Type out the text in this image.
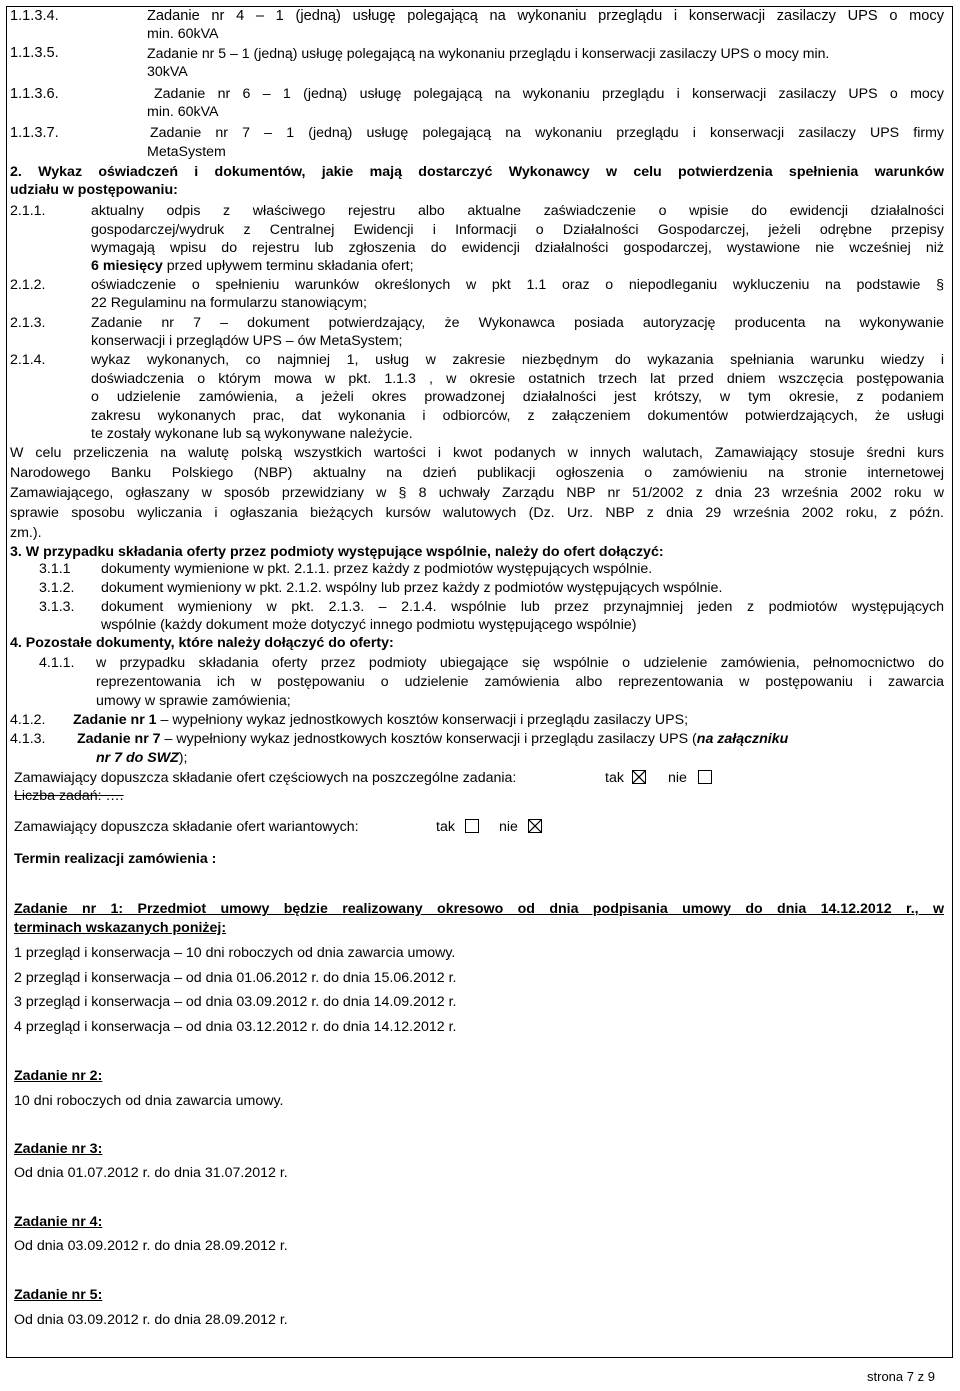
1.1.3.4.	Zadanie nr 4 – 1 (jedną) usługę polegającą na wykonaniu przeglądu i konserwacji zasilaczy UPS o mocy
min. 60kVA
1.1.3.5.	Zadanie nr 5 – 1 (jedną) usługę polegającą na wykonaniu przeglądu i konserwacji zasilaczy UPS o mocy min.
30kVA
1.1.3.6.	Zadanie nr 6 – 1 (jedną) usługę polegającą na wykonaniu przeglądu i konserwacji zasilaczy UPS o mocy
min. 60kVA
1.1.3.7.	Zadanie nr 7 – 1 (jedną) usługę polegającą na wykonaniu przeglądu i konserwacji zasilaczy UPS firmy
MetaSystem
2. Wykaz oświadczeń i dokumentów, jakie mają dostarczyć Wykonawcy w celu potwierdzenia spełnienia warunków
udziału w postępowaniu:
2.1.1.	aktualny odpis z właściwego rejestru albo aktualne zaświadczenie o wpisie do ewidencji działalności
gospodarczej/wydruk z Centralnej Ewidencji i Informacji o Działalności Gospodarczej, jeżeli odrębne przepisy
wymagają wpisu do rejestru lub zgłoszenia do ewidencji działalności gospodarczej, wystawione nie wcześniej niż
6 miesięcy przed upływem terminu składania ofert;
2.1.2.	oświadczenie o spełnieniu warunków określonych w pkt 1.1 oraz o niepodleganiu wykluczeniu na podstawie §
22 Regulaminu na formularzu stanowiącym;
2.1.3.	Zadanie nr 7 – dokument potwierdzający, że Wykonawca posiada autoryzację producenta na wykonywanie
konserwacji i przeglądów UPS – ów MetaSystem;
2.1.4.	wykaz wykonanych, co najmniej 1, usług w zakresie niezbędnym do wykazania spełniania warunku wiedzy i
doświadczenia o którym mowa w pkt. 1.1.3 , w okresie ostatnich trzech lat przed dniem wszczęcia postępowania
o udzielenie zamówienia, a jeżeli okres prowadzonej działalności jest krótszy, w tym okresie, z podaniem
zakresu wykonanych prac, dat wykonania i odbiorców, z załączeniem dokumentów potwierdzających, że usługi
te zostały wykonane lub są wykonywane należycie.
W celu przeliczenia na walutę polską wszystkich wartości i kwot podanych w innych walutach, Zamawiający stosuje średni kurs
Narodowego Banku Polskiego (NBP) aktualny na dzień publikacji ogłoszenia o zamówieniu na stronie internetowej
Zamawiającego, ogłaszany w sposób przewidziany w § 8 uchwały Zarządu NBP nr 51/2002 z dnia 23 września 2002 roku w
sprawie sposobu wyliczania i ogłaszania bieżących kursów walutowych (Dz. Urz. NBP z dnia 29 września 2002 roku, z późn.
zm.).
3. W przypadku składania oferty przez podmioty występujące wspólnie, należy do ofert dołączyć:
3.1.1 dokumenty wymienione w pkt. 2.1.1. przez każdy z podmiotów występujących wspólnie.
3.1.2. dokument wymieniony w pkt. 2.1.2. wspólny lub przez każdy z podmiotów występujących wspólnie.
3.1.3. dokument wymieniony w pkt. 2.1.3. – 2.1.4. wspólnie lub przez przynajmniej jeden z podmiotów występujących
wspólnie (każdy dokument może dotyczyć innego podmiotu występującego wspólnie)
4. Pozostałe dokumenty, które należy dołączyć do oferty:
4.1.1. w przypadku składania oferty przez podmioty ubiegające się wspólnie o udzielenie zamówienia, pełnomocnictwo do
reprezentowania ich w postępowaniu o udzielenie zamówienia albo reprezentowania w postępowaniu i zawarcia
umowy w sprawie zamówienia;
4.1.2. Zadanie nr 1 – wypełniony wykaz jednostkowych kosztów konserwacji i przeglądu zasilaczy UPS;
4.1.3. Zadanie nr 7 – wypełniony wykaz jednostkowych kosztów konserwacji i przeglądu zasilaczy UPS (na załączniku
nr 7 do SWZ);
Zamawiający dopuszcza składanie ofert częściowych na poszczególne zadania:	tak	nie
Liczba zadań: ….
Zamawiający dopuszcza składanie ofert wariantowych:	tak	nie
Termin realizacji zamówienia :
Zadanie nr 1: Przedmiot umowy będzie realizowany okresowo od dnia podpisania umowy do dnia 14.12.2012 r., w
terminach wskazanych poniżej:
1 przegląd i konserwacja – 10 dni roboczych od dnia zawarcia umowy.
2 przegląd i konserwacja – od dnia 01.06.2012 r. do dnia 15.06.2012 r.
3 przegląd i konserwacja – od dnia 03.09.2012 r. do dnia 14.09.2012 r.
4 przegląd i konserwacja – od dnia 03.12.2012 r. do dnia 14.12.2012 r.
Zadanie nr 2:
10 dni roboczych od dnia zawarcia umowy.
Zadanie nr 3:
Od dnia 01.07.2012 r. do dnia 31.07.2012 r.
Zadanie nr 4:
Od dnia 03.09.2012 r. do dnia 28.09.2012 r.
Zadanie nr 5:
Od dnia 03.09.2012 r. do dnia 28.09.2012 r.
strona 7 z 9
